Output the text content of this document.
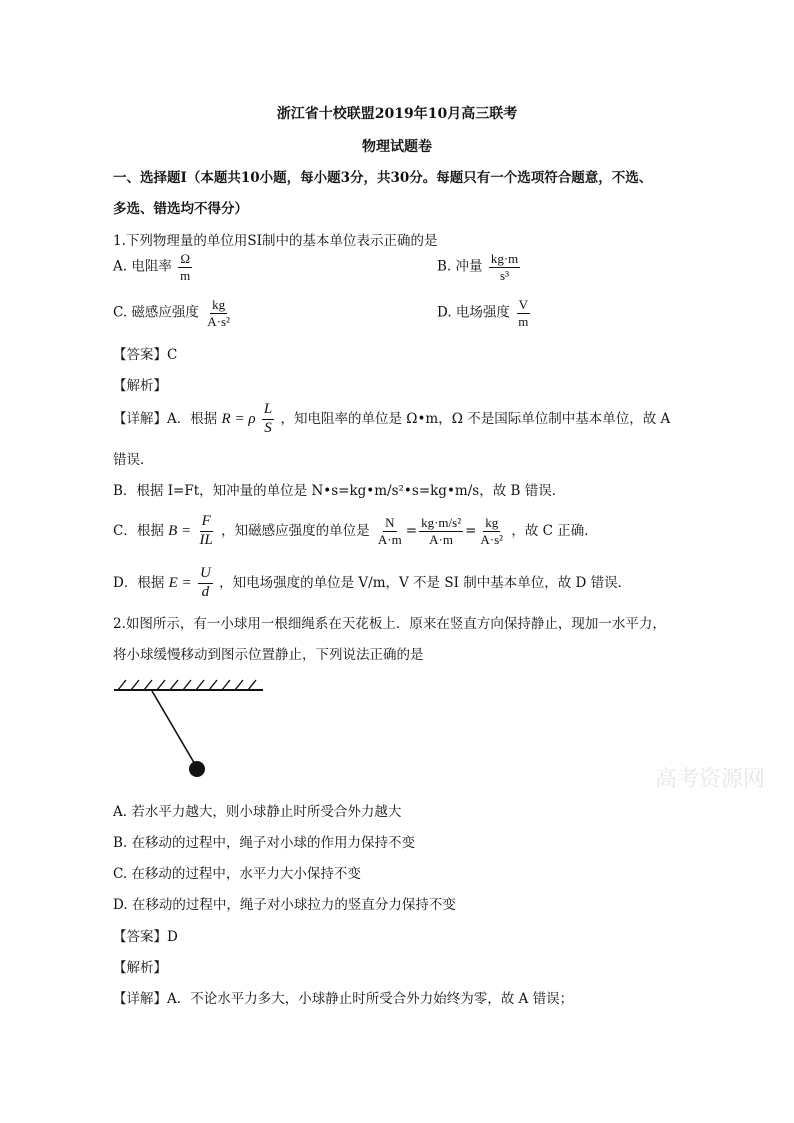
浙江省十校联盟2019年10月高三联考
物理试题卷
一、选择题Ⅰ（本题共10小题，每小题3分，共30分。每题只有一个选项符合题意，不选、
多选、错选均不得分）
1.下列物理量的单位用SI制中的基本单位表示正确的是
A. 电阻率 $\frac{\Omega}{m}$	B. 冲量 $\frac{kg\cdot m}{\text{s³}}$
C. 磁感应强度 $\frac{kg}{\text{A·s²}}$	D. 电场强度 $\frac{V}{m}$
【答案】C
【解析】
【详解】A．根据 R = ρ $\frac{L}{S}$ ，知电阻率的单位是 Ω•m，Ω 不是国际单位制中基本单位，故 A
错误．
B．根据 I=Ft，知冲量的单位是 N•s=kg•m/s²•s=kg•m/s，故 B 错误．
C．根据 $B = \frac{F}{IL}$ ，知磁感应强度的单位是 $\frac{N}{A\cdot m} = \frac{\text{kg·m/s²}}{A\cdot m} = \frac{kg}{\text{A·s²}}$ ，故 C 正确．
D．根据 $E = \frac{U}{d}$ ，知电场强度的单位是 V/m，V 不是 SI 制中基本单位，故 D 错误．
2.如图所示，有一小球用一根细绳系在天花板上．原来在竖直方向保持静止，现加一水平力，
将小球缓慢移动到图示位置静止，下列说法正确的是
高考资源网
A. 若水平力越大，则小球静止时所受合外力越大
B. 在移动的过程中，绳子对小球的作用力保持不变
C. 在移动的过程中，水平力大小保持不变
D. 在移动的过程中，绳子对小球拉力的竖直分力保持不变
【答案】D
【解析】
【详解】A．不论水平力多大，小球静止时所受合外力始终为零，故 A 错误；
